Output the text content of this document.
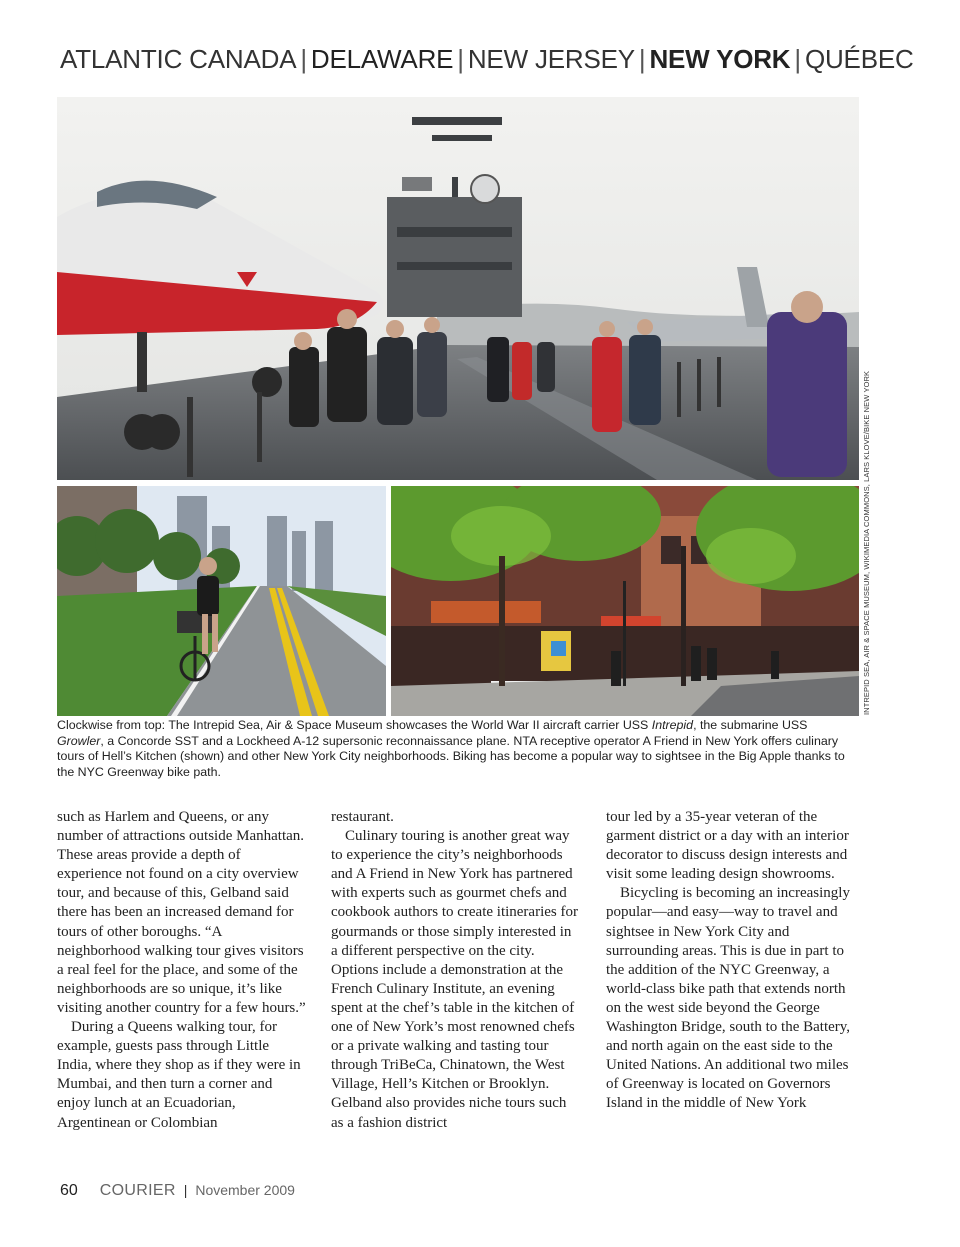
ATLANTIC CANADA | DELAWARE | NEW JERSEY | NEW YORK | QUÉBEC
INTREPID SEA, AIR & SPACE MUSEUM, WIKIMEDIA COMMONS, LARS KLOVE/BIKE NEW YORK
Clockwise from top: The Intrepid Sea, Air & Space Museum showcases the World War II aircraft carrier USS Intrepid, the submarine USS Growler, a Concorde SST and a Lockheed A-12 supersonic reconnaissance plane. NTA receptive operator A Friend in New York offers culinary tours of Hell’s Kitchen (shown) and other New York City neighborhoods. Biking has become a popular way to sightsee in the Big Apple thanks to the NYC Greenway bike path.

such as Harlem and Queens, or any number of attractions outside Manhattan. These areas provide a depth of experience not found on a city overview tour, and because of this, Gelband said there has been an increased demand for tours of other boroughs. “A neighborhood walking tour gives visitors a real feel for the place, and some of the neighborhoods are so unique, it’s like visiting another country for a few hours.”

During a Queens walking tour, for example, guests pass through Little India, where they shop as if they were in Mumbai, and then turn a corner and enjoy lunch at an Ecuadorian, Argentinean or Colombian

restaurant.

Culinary touring is another great way to experience the city’s neighborhoods and A Friend in New York has partnered with experts such as gourmet chefs and cookbook authors to create itineraries for gourmands or those simply interested in a different perspective on the city. Options include a demonstration at the French Culinary Institute, an evening spent at the chef’s table in the kitchen of one of New York’s most renowned chefs or a private walking and tasting tour through TriBeCa, Chinatown, the West Village, Hell’s Kitchen or Brooklyn. Gelband also provides niche tours such as a fashion district

tour led by a 35-year veteran of the garment district or a day with an interior decorator to discuss design interests and visit some leading design showrooms.

Bicycling is becoming an increasingly popular—and easy—way to travel and sightsee in New York City and surrounding areas. This is due in part to the addition of the NYC Greenway, a world-class bike path that extends north on the west side beyond the George Washington Bridge, south to the Battery, and north again on the east side to the United Nations. An additional two miles of Greenway is located on Governors Island in the middle of New York

60 COURIER | November 2009
